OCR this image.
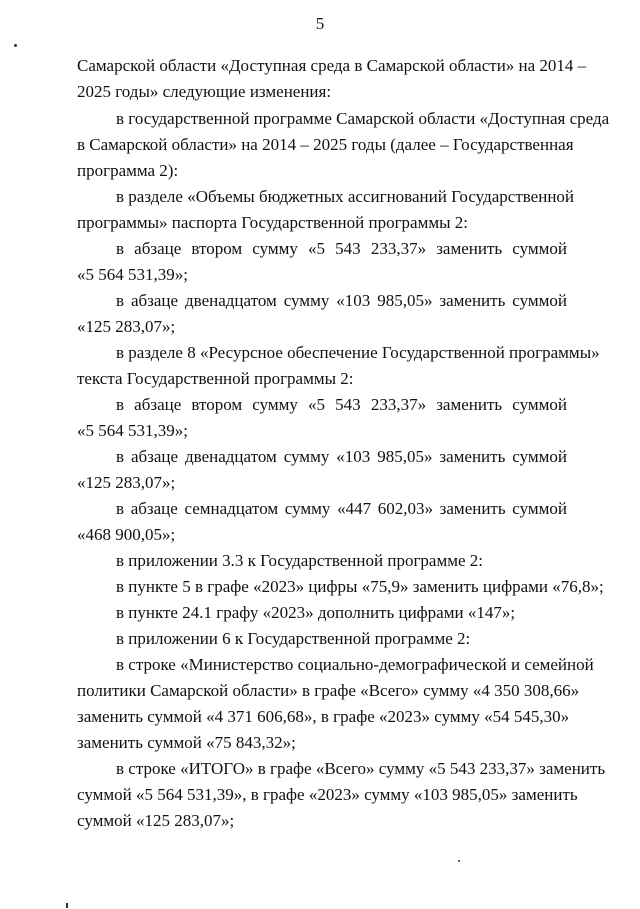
5
Самарской области «Доступная среда в Самарской области» на 2014 –
2025 годы» следующие изменения:
в государственной программе Самарской области «Доступная среда
в Самарской области» на 2014 – 2025 годы (далее – Государственная
программа 2):
в разделе «Объемы бюджетных ассигнований Государственной
программы» паспорта Государственной программы 2:
в абзаце втором сумму «5 543 233,37» заменить суммой
«5 564 531,39»;
в абзаце двенадцатом сумму «103 985,05» заменить суммой
«125 283,07»;
в разделе 8 «Ресурсное обеспечение Государственной программы»
текста Государственной программы 2:
в абзаце втором сумму «5 543 233,37» заменить суммой
«5 564 531,39»;
в абзаце двенадцатом сумму «103 985,05» заменить суммой
«125 283,07»;
в абзаце семнадцатом сумму «447 602,03» заменить суммой
«468 900,05»;
в приложении 3.3 к Государственной программе 2:
в пункте 5 в графе «2023» цифры «75,9» заменить цифрами «76,8»;
в пункте 24.1 графу «2023» дополнить цифрами «147»;
в приложении 6 к Государственной программе 2:
в строке «Министерство социально-демографической и семейной
политики Самарской области» в графе «Всего» сумму «4 350 308,66»
заменить суммой «4 371 606,68», в графе «2023» сумму «54 545,30»
заменить суммой «75 843,32»;
в строке «ИТОГО» в графе «Всего» сумму «5 543 233,37» заменить
суммой «5 564 531,39», в графе «2023» сумму «103 985,05» заменить
суммой «125 283,07»;
